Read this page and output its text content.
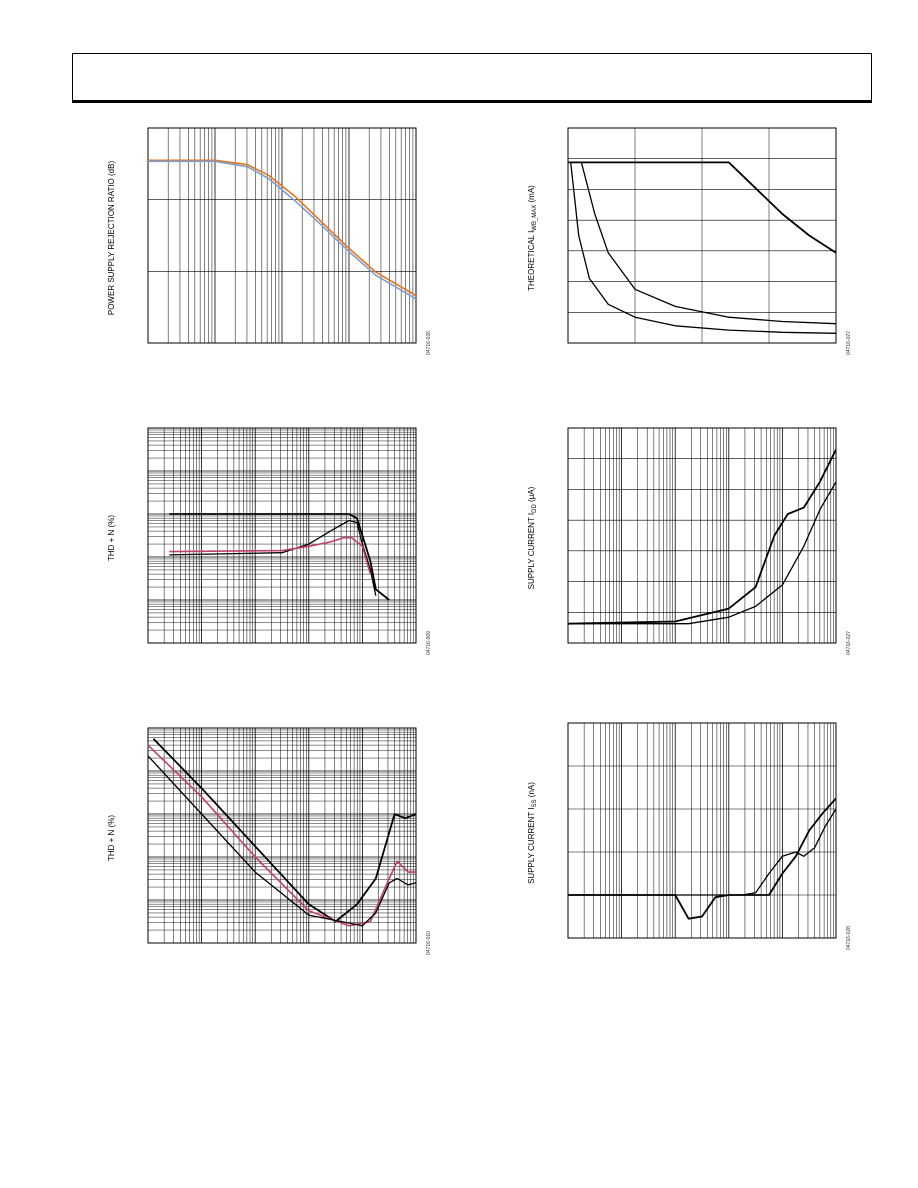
POWER SUPPLY REJECTION RATIO (dB)
04716-026
THD + N (%)
04716-009
THD + N (%)
04716-010
THEORETICAL $I_{WB\_MAX}$ (mA)
04716-027
SUPPLY CURRENT $I_{DD}$ (µA)
04716-027
SUPPLY CURRENT $I_{SS}$ (nA)
04716-028
